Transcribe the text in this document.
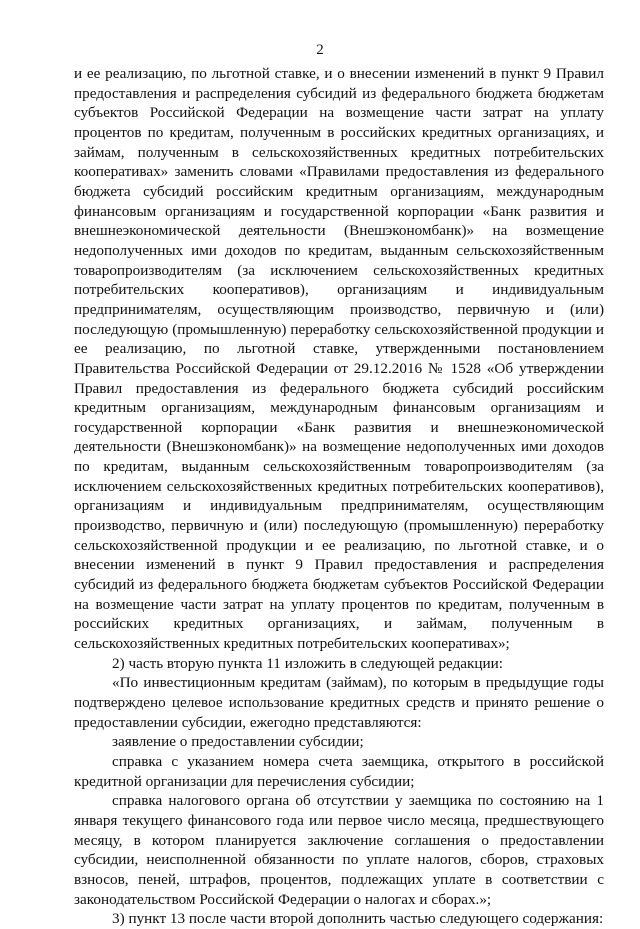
2

и ее реализацию, по льготной ставке, и о внесении изменений в пункт 9 Правил предоставления и распределения субсидий из федерального бюджета бюджетам субъектов Российской Федерации на возмещение части затрат на уплату процентов по кредитам, полученным в российских кредитных организациях, и займам, полученным в сельскохозяйственных кредитных потребительских кооперативах» заменить словами «Правилами предоставления из федерального бюджета субсидий российским кредитным организациям, международным финансовым организациям и государственной корпорации «Банк развития и внешнеэкономической деятельности (Внешэкономбанк)» на возмещение недополученных ими доходов по кредитам, выданным сельскохозяйственным товаропроизводителям (за исключением сельскохозяйственных кредитных потребительских кооперативов), организациям и индивидуальным предпринимателям, осуществляющим производство, первичную и (или) последующую (промышленную) переработку сельскохозяйственной продукции и ее реализацию, по льготной ставке, утвержденными постановлением Правительства Российской Федерации от 29.12.2016 № 1528 «Об утверждении Правил предоставления из федерального бюджета субсидий российским кредитным организациям, международным финансовым организациям и государственной корпорации «Банк развития и внешнеэкономической деятельности (Внешэкономбанк)» на возмещение недополученных ими доходов по кредитам, выданным сельскохозяйственным товаропроизводителям (за исключением сельскохозяйственных кредитных потребительских кооперативов), организациям и индивидуальным предпринимателям, осуществляющим производство, первичную и (или) последующую (промышленную) переработку сельскохозяйственной продукции и ее реализацию, по льготной ставке, и о внесении изменений в пункт 9 Правил предоставления и распределения субсидий из федерального бюджета бюджетам субъектов Российской Федерации на возмещение части затрат на уплату процентов по кредитам, полученным в российских кредитных организациях, и займам, полученным в сельскохозяйственных кредитных потребительских кооперативах»;

2) часть вторую пункта 11 изложить в следующей редакции:

«По инвестиционным кредитам (займам), по которым в предыдущие годы подтверждено целевое использование кредитных средств и принято решение о предоставлении субсидии, ежегодно представляются:

заявление о предоставлении субсидии;

справка с указанием номера счета заемщика, открытого в российской кредитной организации для перечисления субсидии;

справка налогового органа об отсутствии у заемщика по состоянию на 1 января текущего финансового года или первое число месяца, предшествующего месяцу, в котором планируется заключение соглашения о предоставлении субсидии, неисполненной обязанности по уплате налогов, сборов, страховых взносов, пеней, штрафов, процентов, подлежащих уплате в соответствии с законодательством Российской Федерации о налогах и сборах.»;

3) пункт 13 после части второй дополнить частью следующего содержания:
